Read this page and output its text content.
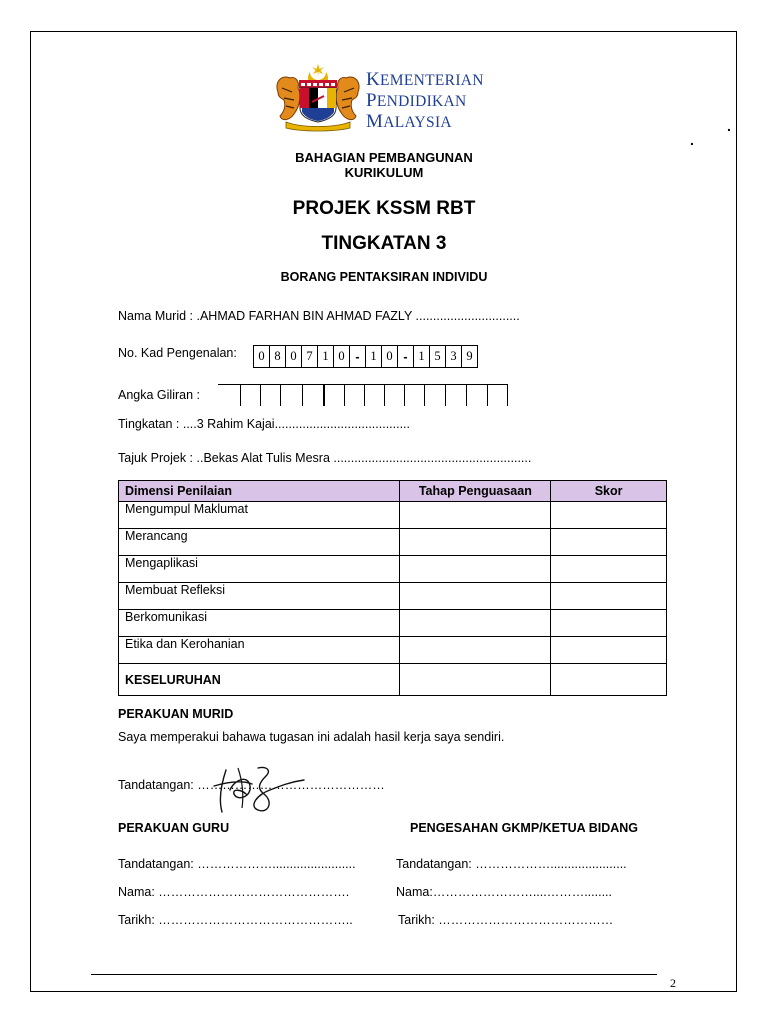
KEMENTERIAN
PENDIDIKAN
MALAYSIA	.
.
BAHAGIAN PEMBANGUNAN
KURIKULUM
PROJEK KSSM RBT
TINGKATAN 3
BORANG PENTAKSIRAN INDIVIDU
Nama Murid : .AHMAD FARHAN BIN AHMAD FAZLY ..............................
No. Kad Pengenalan:	0 8 0 7 1 0 - 1 0 - 1 5 3 9
Angka Giliran :
Tingkatan : ....3 Rahim Kajai.......................................
Tajuk Projek : ..Bekas Alat Tulis Mesra .........................................................
Dimensi Penilaian	Tahap Penguasaan	Skor
Mengumpul Maklumat		
Merancang		
Mengaplikasi		
Membuat Refleksi		
Berkomunikasi		
Etika dan Kerohanian		
KESELURUHAN		
PERAKUAN MURID
Saya memperakui bahawa tugasan ini adalah hasil kerja saya sendiri.
Tandatangan: ………………………………………
PERAKUAN GURU	PENGESAHAN GKMP/KETUA BIDANG
Tandatangan: ………………........................
Nama: ……………………………………….
Tarikh: ………………………………………..
Tandatangan: ………………......................
Nama:……………………....………........
Tarikh: ……………………………………
2
